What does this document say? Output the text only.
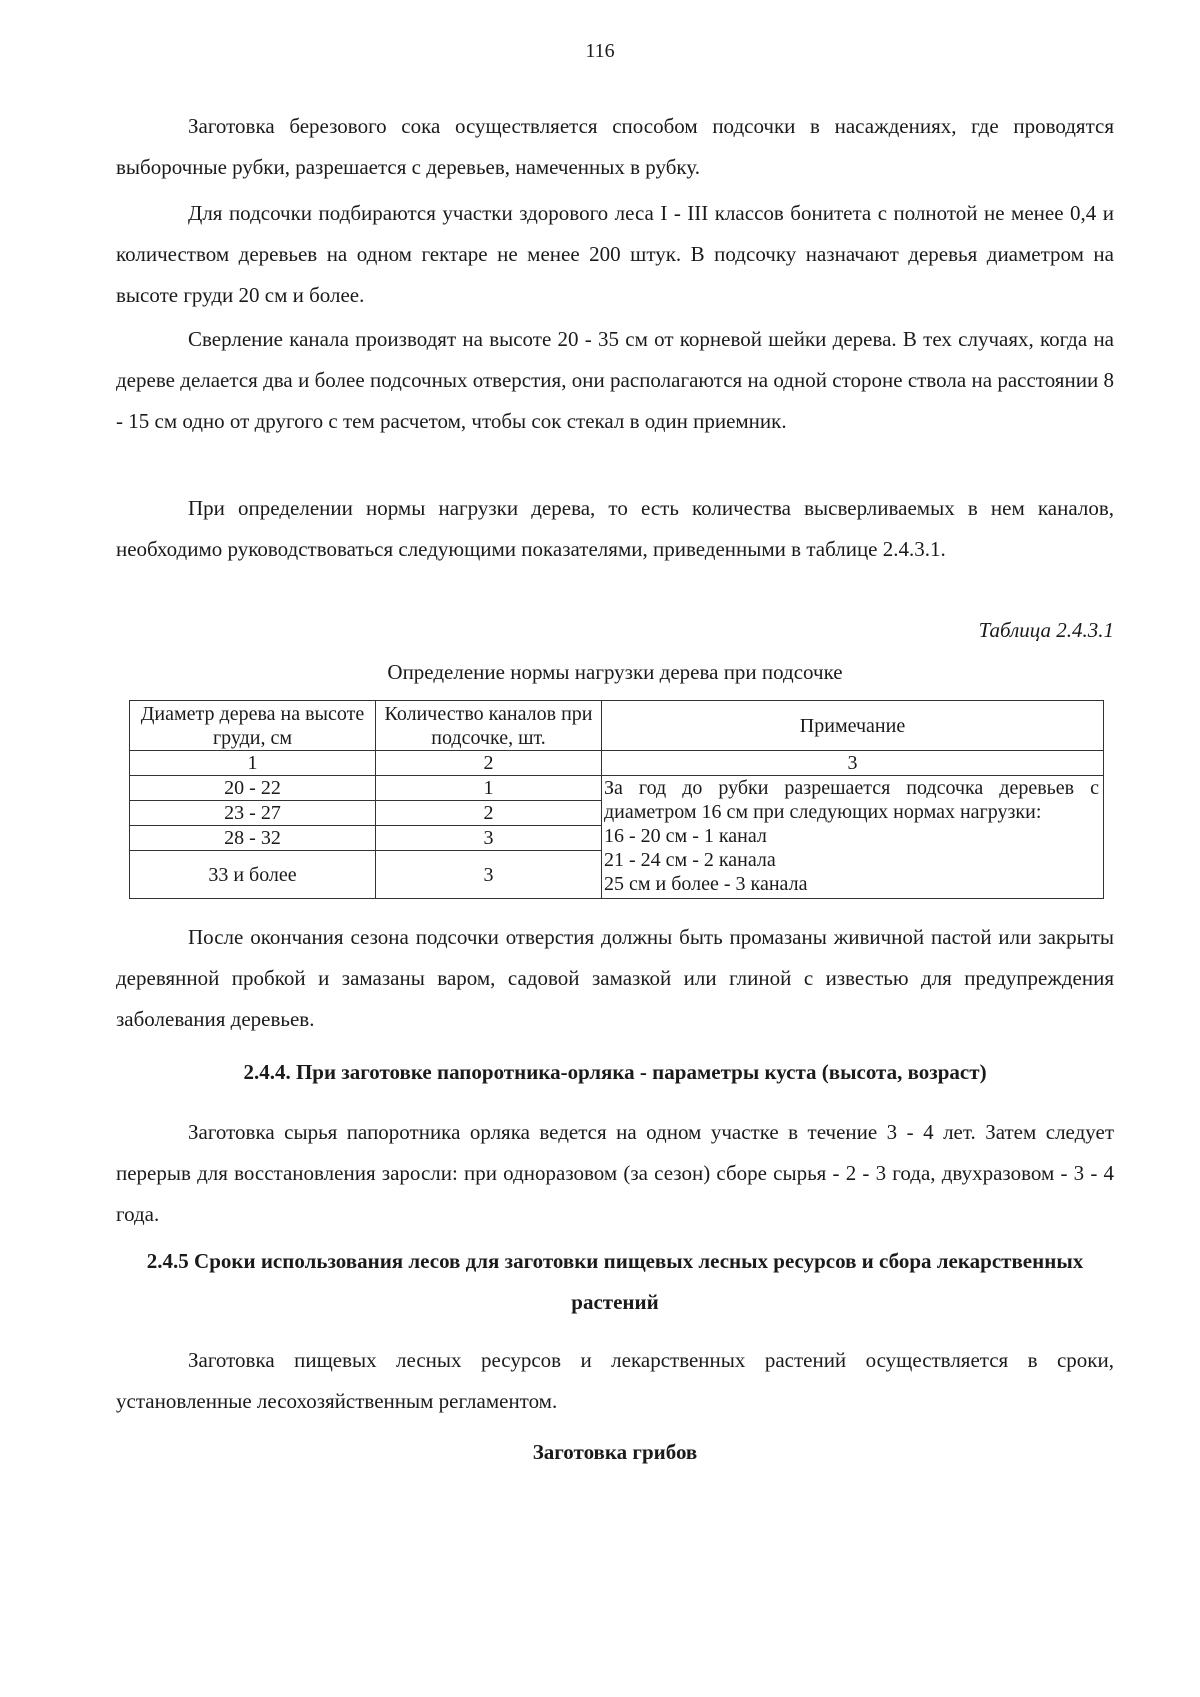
116

Заготовка березового сока осуществляется способом подсочки в насаждениях, где проводятся выборочные рубки, разрешается с деревьев, намеченных в рубку.

Для подсочки подбираются участки здорового леса I - III классов бонитета с полнотой не менее 0,4 и количеством деревьев на одном гектаре не менее 200 штук. В подсочку назначают деревья диаметром на высоте груди 20 см и более.

Сверление канала производят на высоте 20 - 35 см от корневой шейки дерева. В тех случаях, когда на дереве делается два и более подсочных отверстия, они располагаются на одной стороне ствола на расстоянии 8 - 15 см одно от другого с тем расчетом, чтобы сок стекал в один приемник.

При определении нормы нагрузки дерева, то есть количества высверливаемых в нем каналов, необходимо руководствоваться следующими показателями, приведенными в таблице 2.4.3.1.

Таблица 2.4.3.1
Определение нормы нагрузки дерева при подсочке
Диаметр дерева на высоте груди, см	Количество каналов при подсочке, шт.	Примечание
1	2	3
20 - 22	1	За год до рубки разрешается подсочка деревьев с диаметром 16 см при следующих нормах нагрузки:
16 - 20 см - 1 канал
21 - 24 см - 2 канала
25 см и более - 3 канала

23 - 27	2	
28 - 32	3	
33 и более	3	

После окончания сезона подсочки отверстия должны быть промазаны живичной пастой или закрыты деревянной пробкой и замазаны варом, садовой замазкой или глиной с известью для предупреждения заболевания деревьев.

2.4.4. При заготовке папоротника-орляка - параметры куста (высота, возраст)

Заготовка сырья папоротника орляка ведется на одном участке в течение 3 - 4 лет. Затем следует перерыв для восстановления заросли: при одноразовом (за сезон) сборе сырья - 2 - 3 года, двухразовом - 3 - 4 года.

2.4.5 Сроки использования лесов для заготовки пищевых лесных ресурсов и сбора лекарственных растений

Заготовка пищевых лесных ресурсов и лекарственных растений осуществляется в сроки, установленные лесохозяйственным регламентом.

Заготовка грибов
